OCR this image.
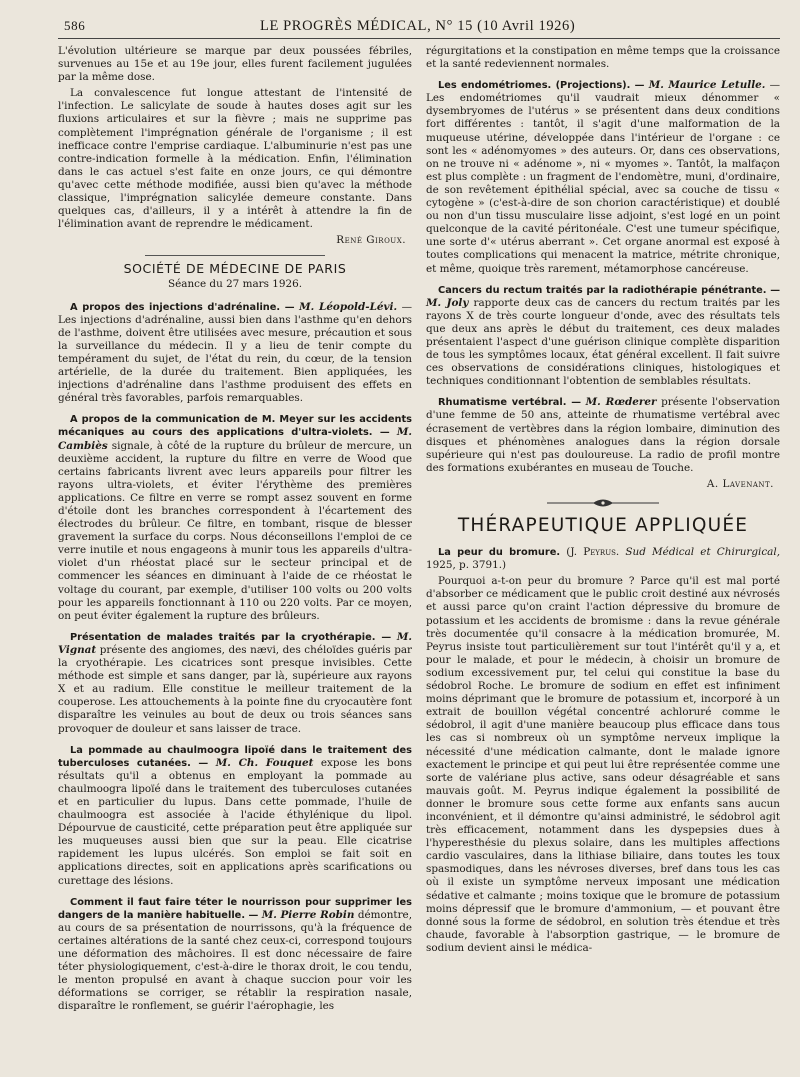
586	LE PROGRÈS MÉDICAL, N° 15 (10 Avril 1926)

L'évolution ultérieure se marque par deux poussées fébriles, survenues au 15e et au 19e jour, elles furent facilement jugulées par la même dose.

La convalescence fut longue attestant de l'intensité de l'infection. Le salicylate de soude à hautes doses agit sur les fluxions articulaires et sur la fièvre ; mais ne supprime pas complètement l'imprégnation générale de l'organisme ; il est inefficace contre l'emprise cardiaque. L'albuminurie n'est pas une contre-indication formelle à la médication. Enfin, l'élimination dans le cas actuel s'est faite en onze jours, ce qui démontre qu'avec cette méthode modifiée, aussi bien qu'avec la méthode classique, l'imprégnation salicylée demeure constante. Dans quelques cas, d'ailleurs, il y a intérêt à attendre la fin de l'élimination avant de reprendre le médicament.

René Giroux.
SOCIÉTÉ DE MÉDECINE DE PARIS
Séance du 27 mars 1926.

A propos des injections d'adrénaline. — M. Léopold-Lévi. — Les injections d'adrénaline, aussi bien dans l'asthme qu'en dehors de l'asthme, doivent être utilisées avec mesure, précaution et sous la surveillance du médecin. Il y a lieu de tenir compte du tempérament du sujet, de l'état du rein, du cœur, de la tension artérielle, de la durée du traitement. Bien appliquées, les injections d'adrénaline dans l'asthme produisent des effets en général très favorables, parfois remarquables.

A propos de la communication de M. Meyer sur les accidents mécaniques au cours des applications d'ultra-violets. — M. Cambiès signale, à côté de la rupture du brûleur de mercure, un deuxième accident, la rupture du filtre en verre de Wood que certains fabricants livrent avec leurs appareils pour filtrer les rayons ultra-violets, et éviter l'érythème des premières applications. Ce filtre en verre se rompt assez souvent en forme d'étoile dont les branches correspondent à l'écartement des électrodes du brûleur. Ce filtre, en tombant, risque de blesser gravement la surface du corps. Nous déconseillons l'emploi de ce verre inutile et nous engageons à munir tous les appareils d'ultra-violet d'un rhéostat placé sur le secteur principal et de commencer les séances en diminuant à l'aide de ce rhéostat le voltage du courant, par exemple, d'utiliser 100 volts ou 200 volts pour les appareils fonctionnant à 110 ou 220 volts. Par ce moyen, on peut éviter également la rupture des brûleurs.

Présentation de malades traités par la cryothérapie. — M. Vignat présente des angiomes, des nævi, des chéloïdes guéris par la cryothérapie. Les cicatrices sont presque invisibles. Cette méthode est simple et sans danger, par là, supérieure aux rayons X et au radium. Elle constitue le meilleur traitement de la couperose. Les attouchements à la pointe fine du cryocautère font disparaître les veinules au bout de deux ou trois séances sans provoquer de douleur et sans laisser de trace.

La pommade au chaulmoogra lipoïé dans le traitement des tuberculoses cutanées. — M. Ch. Fouquet expose les bons résultats qu'il a obtenus en employant la pommade au chaulmoogra lipoïé dans le traitement des tuberculoses cutanées et en particulier du lupus. Dans cette pommade, l'huile de chaulmoogra est associée à l'acide éthylénique du lipol. Dépourvue de causticité, cette préparation peut être appliquée sur les muqueuses aussi bien que sur la peau. Elle cicatrise rapidement les lupus ulcérés. Son emploi se fait soit en applications directes, soit en applications après scarifications ou curettage des lésions.

Comment il faut faire téter le nourrisson pour supprimer les dangers de la manière habituelle. — M. Pierre Robin démontre, au cours de sa présentation de nourrissons, qu'à la fréquence de certaines altérations de la santé chez ceux-ci, correspond toujours une déformation des mâchoires. Il est donc nécessaire de faire téter physiologiquement, c'est-à-dire le thorax droit, le cou tendu, le menton propulsé en avant à chaque succion pour voir les déformations se corriger, se rétablir la respiration nasale, disparaître le ronflement, se guérir l'aérophagie, les

régurgitations et la constipation en même temps que la croissance et la santé redeviennent normales.

Les endométriomes. (Projections). — M. Maurice Letulle. — Les endométriomes qu'il vaudrait mieux dénommer « dysembryomes de l'utérus » se présentent dans deux conditions fort différentes : tantôt, il s'agit d'une malformation de la muqueuse utérine, développée dans l'intérieur de l'organe : ce sont les « adénomyomes » des auteurs. Or, dans ces observations, on ne trouve ni « adénome », ni « myomes ». Tantôt, la malfaçon est plus complète : un fragment de l'endomètre, muni, d'ordinaire, de son revêtement épithélial spécial, avec sa couche de tissu « cytogène » (c'est-à-dire de son chorion caractéristique) et doublé ou non d'un tissu musculaire lisse adjoint, s'est logé en un point quelconque de la cavité péritonéale. C'est une tumeur spécifique, une sorte d'« utérus aberrant ». Cet organe anormal est exposé à toutes complications qui menacent la matrice, métrite chronique, et même, quoique très rarement, métamorphose cancéreuse.

Cancers du rectum traités par la radiothérapie pénétrante. — M. Joly rapporte deux cas de cancers du rectum traités par les rayons X de très courte longueur d'onde, avec des résultats tels que deux ans après le début du traitement, ces deux malades présentaient l'aspect d'une guérison clinique complète disparition de tous les symptômes locaux, état général excellent. Il fait suivre ces observations de considérations cliniques, histologiques et techniques conditionnant l'obtention de semblables résultats.

Rhumatisme vertébral. — M. Rœderer présente l'observation d'une femme de 50 ans, atteinte de rhumatisme vertébral avec écrasement de vertèbres dans la région lombaire, diminution des disques et phénomènes analogues dans la région dorsale supérieure qui n'est pas douloureuse. La radio de profil montre des formations exubérantes en museau de Touche.

A. Lavenant.
THÉRAPEUTIQUE APPLIQUÉE

La peur du bromure. (J. Peyrus. Sud Médical et Chirurgical, 1925, p. 3791.)

Pourquoi a-t-on peur du bromure ? Parce qu'il est mal porté d'absorber ce médicament que le public croit destiné aux névrosés et aussi parce qu'on craint l'action dépressive du bromure de potassium et les accidents de bromisme : dans la revue générale très documentée qu'il consacre à la médication bromurée, M. Peyrus insiste tout particulièrement sur tout l'intérêt qu'il y a, et pour le malade, et pour le médecin, à choisir un bromure de sodium excessivement pur, tel celui qui constitue la base du sédobrol Roche. Le bromure de sodium en effet est infiniment moins déprimant que le bromure de potassium et, incorporé à un extrait de bouillon végétal concentré achloruré comme le sédobrol, il agit d'une manière beaucoup plus efficace dans tous les cas si nombreux où un symptôme nerveux implique la nécessité d'une médication calmante, dont le malade ignore exactement le principe et qui peut lui être représentée comme une sorte de valériane plus active, sans odeur désagréable et sans mauvais goût. M. Peyrus indique également la possibilité de donner le bromure sous cette forme aux enfants sans aucun inconvénient, et il démontre qu'ainsi administré, le sédobrol agit très efficacement, notamment dans les dyspepsies dues à l'hyperesthésie du plexus solaire, dans les multiples affections cardio vasculaires, dans la lithiase biliaire, dans toutes les toux spasmodiques, dans les névroses diverses, bref dans tous les cas où il existe un symptôme nerveux imposant une médication sédative et calmante ; moins toxique que le bromure de potassium moins dépressif que le bromure d'ammonium, — et pouvant être donné sous la forme de sédobrol, en solution très étendue et très chaude, favorable à l'absorption gastrique, — le bromure de sodium devient ainsi le médica-
